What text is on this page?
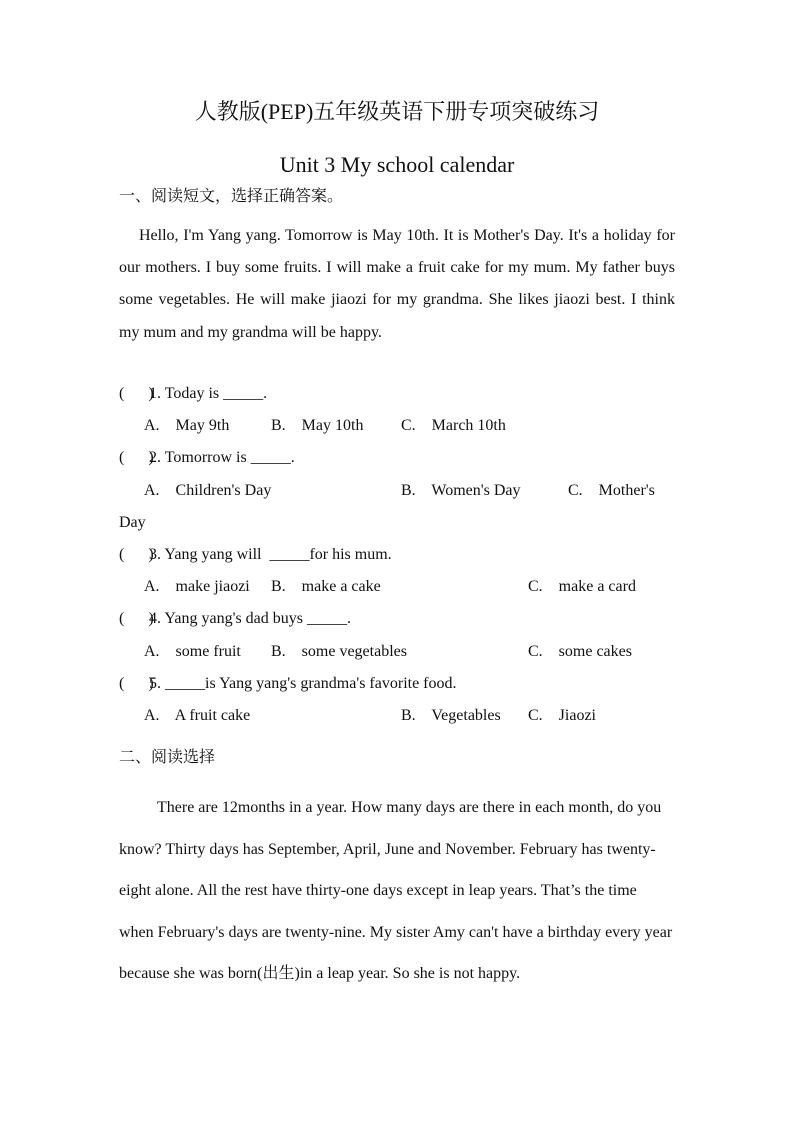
人教版(PEP)五年级英语下册专项突破练习
Unit 3 My school calendar
一、阅读短文，选择正确答案。

Hello, I'm Yang yang. Tomorrow is May 10th. It is Mother's Day. It's a holiday for our mothers. I buy some fruits. I will make a fruit cake for my mum. My father buys some vegetables. He will make jiaozi for my grandma. She likes jiaozi best. I think my mum and my grandma will be happy.

(      )1. Today is _____.
A.    May 9th	B.    May 10th C.    March 10th
(      )2. Tomorrow is _____.
A.    Children's Day	B.    Women's Day	C.    Mother's
Day
(      )3. Yang yang will  _____for his mum.
A.    make jiaozi B.    make a cake	C.    make a card
(      )4. Yang yang's dad buys _____.
A.    some fruit B.    some vegetables	C.    some cakes
(      )5. _____is Yang yang's grandma's favorite food.
A.    A fruit cake	B.    Vegetables C.    Jiaozi
二、阅读选择

There are 12months in a year. How many days are there in each month, do you know? Thirty days has September, April, June and November. February has twenty-eight alone. All the rest have thirty-one days except in leap years. That’s the time when February's days are twenty-nine. My sister Amy can't have a birthday every year because she was born(出生)in a leap year. So she is not happy.
